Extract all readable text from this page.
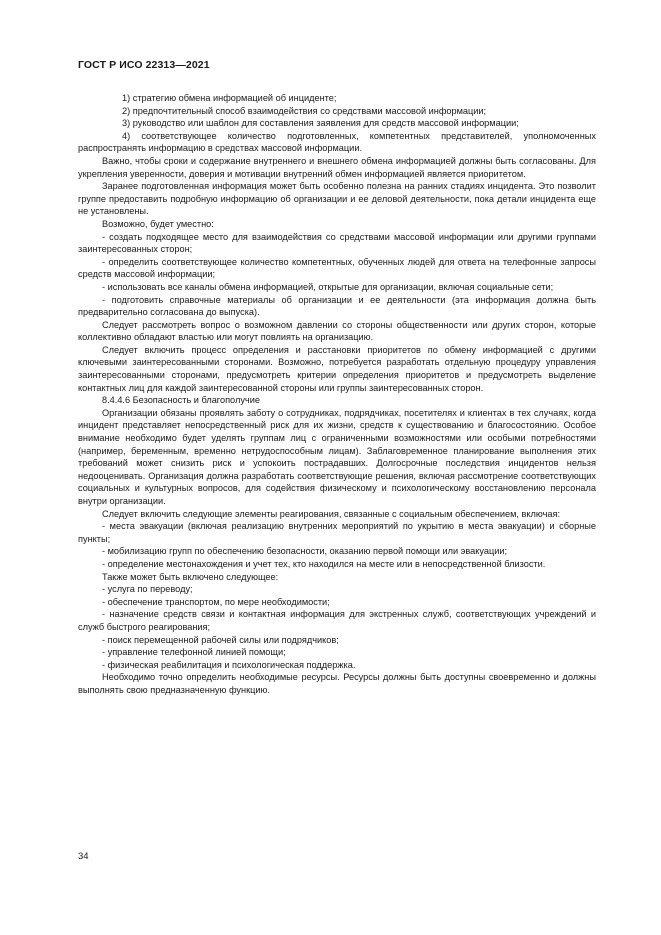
ГОСТ Р ИСО 22313—2021

1) стратегию обмена информацией об инциденте;

2) предпочтительный способ взаимодействия со средствами массовой информации;

3) руководство или шаблон для составления заявления для средств массовой информации;

4) соответствующее количество подготовленных, компетентных представителей, уполномоченных распространять информацию в средствах массовой информации.

Важно, чтобы сроки и содержание внутреннего и внешнего обмена информацией должны быть согласованы. Для укрепления уверенности, доверия и мотивации внутренний обмен информацией является приоритетом.

Заранее подготовленная информация может быть особенно полезна на ранних стадиях инцидента. Это позволит группе предоставить подробную информацию об организации и ее деловой деятельности, пока детали инцидента еще не установлены.

Возможно, будет уместно:

- создать подходящее место для взаимодействия со средствами массовой информации или другими группами заинтересованных сторон;

- определить соответствующее количество компетентных, обученных людей для ответа на телефонные запросы средств массовой информации;

- использовать все каналы обмена информацией, открытые для организации, включая социальные сети;

- подготовить справочные материалы об организации и ее деятельности (эта информация должна быть предварительно согласована до выпуска).

Следует рассмотреть вопрос о возможном давлении со стороны общественности или других сторон, которые коллективно обладают властью или могут повлиять на организацию.

Следует включить процесс определения и расстановки приоритетов по обмену информацией с другими ключевыми заинтересованными сторонами. Возможно, потребуется разработать отдельную процедуру управления заинтересованными сторонами, предусмотреть критерии определения приоритетов и предусмотреть выделение контактных лиц для каждой заинтересованной стороны или группы заинтересованных сторон.

8.4.4.6 Безопасность и благополучие

Организации обязаны проявлять заботу о сотрудниках, подрядчиках, посетителях и клиентах в тех случаях, когда инцидент представляет непосредственный риск для их жизни, средств к существованию и благосостоянию. Особое внимание необходимо будет уделять группам лиц с ограниченными возможностями или особыми потребностями (например, беременным, временно нетрудоспособным лицам). Заблаговременное планирование выполнения этих требований может снизить риск и успокоить пострадавших. Долгосрочные последствия инцидентов нельзя недооценивать. Организация должна разработать соответствующие решения, включая рассмотрение соответствующих социальных и культурных вопросов, для содействия физическому и психологическому восстановлению персонала внутри организации.

Следует включить следующие элементы реагирования, связанные с социальным обеспечением, включая:

- места эвакуации (включая реализацию внутренних мероприятий по укрытию в места эвакуации) и сборные пункты;

- мобилизацию групп по обеспечению безопасности, оказанию первой помощи или эвакуации;

- определение местонахождения и учет тех, кто находился на месте или в непосредственной близости.

Также может быть включено следующее:

- услуга по переводу;

- обеспечение транспортом, по мере необходимости;

- назначение средств связи и контактная информация для экстренных служб, соответствующих учреждений и служб быстрого реагирования;

- поиск перемещенной рабочей силы или подрядчиков;

- управление телефонной линией помощи;

- физическая реабилитация и психологическая поддержка.

Необходимо точно определить необходимые ресурсы. Ресурсы должны быть доступны своевременно и должны выполнять свою предназначенную функцию.

34
